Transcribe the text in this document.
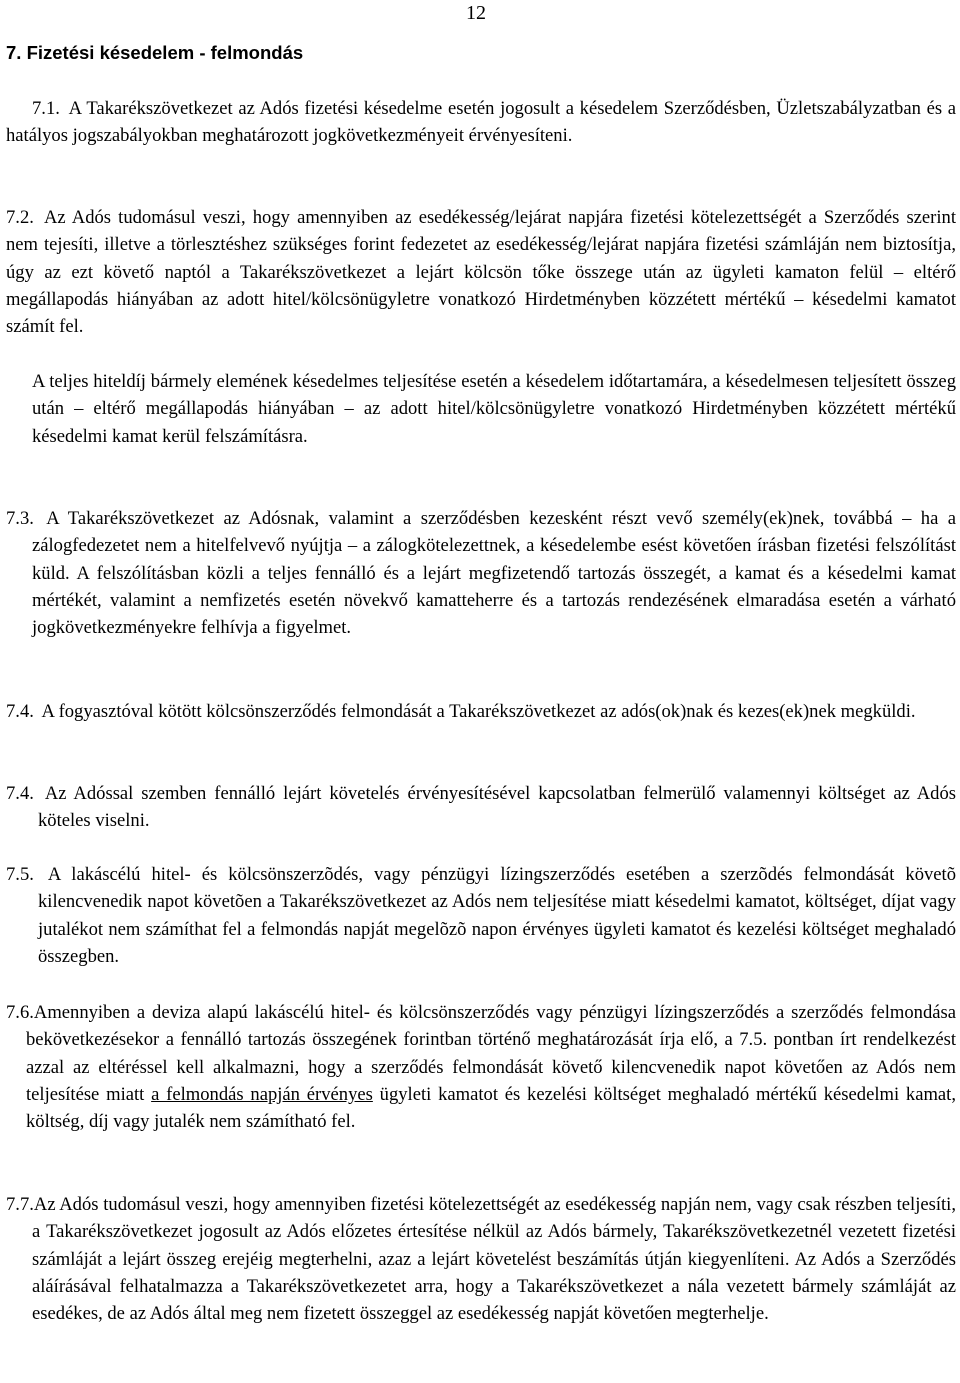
12
7. Fizetési késedelem - felmondás
7.1. A Takarékszövetkezet az Adós fizetési késedelme esetén jogosult a késedelem Szerződésben, Üzletszabályzatban és a hatályos jogszabályokban meghatározott jogkövetkezményeit érvényesíteni.
7.2. Az Adós tudomásul veszi, hogy amennyiben az esedékesség/lejárat napjára fizetési kötelezettségét a Szerződés szerint nem tejesíti, illetve a törlesztéshez szükséges forint fedezetet az esedékesség/lejárat napjára fizetési számláján nem biztosítja, úgy az ezt követő naptól a Takarékszövetkezet a lejárt kölcsön tőke összege után az ügyleti kamaton felül – eltérő megállapodás hiányában az adott hitel/kölcsönügyletre vonatkozó Hirdetményben közzétett mértékű – késedelmi kamatot számít fel.
A teljes hiteldíj bármely elemének késedelmes teljesítése esetén a késedelem időtartamára, a késedelmesen teljesített összeg után – eltérő megállapodás hiányában – az adott hitel/kölcsönügyletre vonatkozó Hirdetményben közzétett mértékű késedelmi kamat kerül felszámításra.
7.3. A Takarékszövetkezet az Adósnak, valamint a szerződésben kezesként részt vevő személy(ek)nek, továbbá – ha a zálogfedezetet nem a hitelfelvevő nyújtja – a zálogkötelezettnek, a késedelembe esést követően írásban fizetési felszólítást küld. A felszólításban közli a teljes fennálló és a lejárt megfizetendő tartozás összegét, a kamat és a késedelmi kamat mértékét, valamint a nemfizetés esetén növekvő kamatteherre és a tartozás rendezésének elmaradása esetén a várható jogkövetkezményekre felhívja a figyelmet.
7.4. A fogyasztóval kötött kölcsönszerződés felmondását a Takarékszövetkezet az adós(ok)nak és kezes(ek)nek megküldi.
7.4. Az Adóssal szemben fennálló lejárt követelés érvényesítésével kapcsolatban felmerülő valamennyi költséget az Adós köteles viselni.
7.5. A lakáscélú hitel- és kölcsönszerzõdés, vagy pénzügyi lízingszerződés esetében a szerzõdés felmondását követõ kilencvenedik napot követõen a Takarékszövetkezet az Adós nem teljesítése miatt késedelmi kamatot, költséget, díjat vagy jutalékot nem számíthat fel a felmondás napját megelõzõ napon érvényes ügyleti kamatot és kezelési költséget meghaladó összegben.
7.6.Amennyiben a deviza alapú lakáscélú hitel- és kölcsönszerződés vagy pénzügyi lízingszerződés a szerződés felmondása bekövetkezésekor a fennálló tartozás összegének forintban történő meghatározását írja elő, a 7.5. pontban írt rendelkezést azzal az eltéréssel kell alkalmazni, hogy a szerződés felmondását követő kilencvenedik napot követően az Adós nem teljesítése miatt a felmondás napján érvényes ügyleti kamatot és kezelési költséget meghaladó mértékű késedelmi kamat, költség, díj vagy jutalék nem számítható fel.
7.7.Az Adós tudomásul veszi, hogy amennyiben fizetési kötelezettségét az esedékesség napján nem, vagy csak részben teljesíti, a Takarékszövetkezet jogosult az Adós előzetes értesítése nélkül az Adós bármely, Takarékszövetkezetnél vezetett fizetési számláját a lejárt összeg erejéig megterhelni, azaz a lejárt követelést beszámítás útján kiegyenlíteni. Az Adós a Szerződés aláírásával felhatalmazza a Takarékszövetkezetet arra, hogy a Takarékszövetkezet a nála vezetett bármely számláját az esedékes, de az Adós által meg nem fizetett összeggel az esedékesség napját követően megterhelje.
